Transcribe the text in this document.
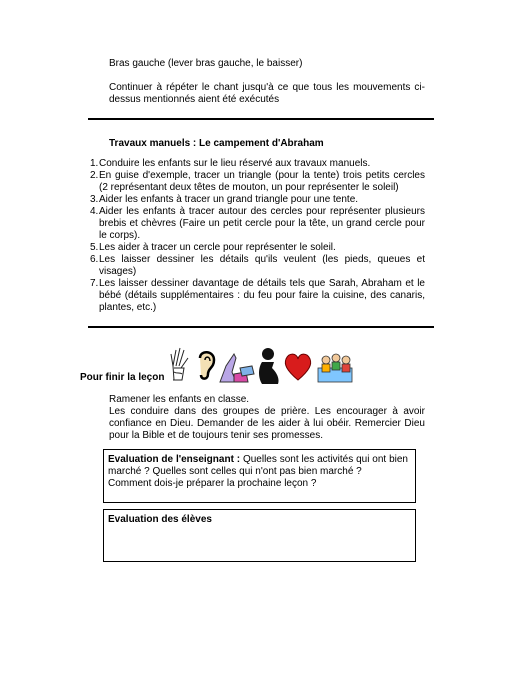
Bras gauche (lever bras gauche, le baisser)
Continuer à répéter le chant jusqu'à ce que tous les mouvements ci-dessus mentionnés aient été exécutés
Travaux manuels : Le campement d'Abraham
1. Conduire les enfants sur le lieu réservé aux travaux manuels.
2. En guise d'exemple, tracer un triangle (pour la tente) trois petits cercles (2 représentant deux têtes de mouton, un pour représenter le soleil)
3. Aider les enfants à tracer un grand triangle pour une tente.
4. Aider les enfants à tracer autour des cercles pour représenter plusieurs brebis et chèvres (Faire un petit cercle pour la tête, un grand cercle pour le corps).
5. Les aider à tracer un cercle pour représenter le soleil.
6. Les laisser dessiner les détails qu'ils veulent (les pieds, queues et visages)
7. Les laisser dessiner davantage de détails tels que Sarah, Abraham et le bébé (détails supplémentaires : du feu pour faire la cuisine, des canaris, plantes, etc.)
Pour finir la leçon
Ramener les enfants en classe.
Les conduire dans des groupes de prière. Les encourager à avoir confiance en Dieu. Demander de les aider à lui obéir. Remercier Dieu pour la Bible et de toujours tenir ses promesses.
Evaluation de l'enseignant : Quelles sont les activités qui ont bien marché ? Quelles sont celles qui n'ont pas bien marché ?
Comment dois-je préparer la prochaine leçon ?
Evaluation des élèves
